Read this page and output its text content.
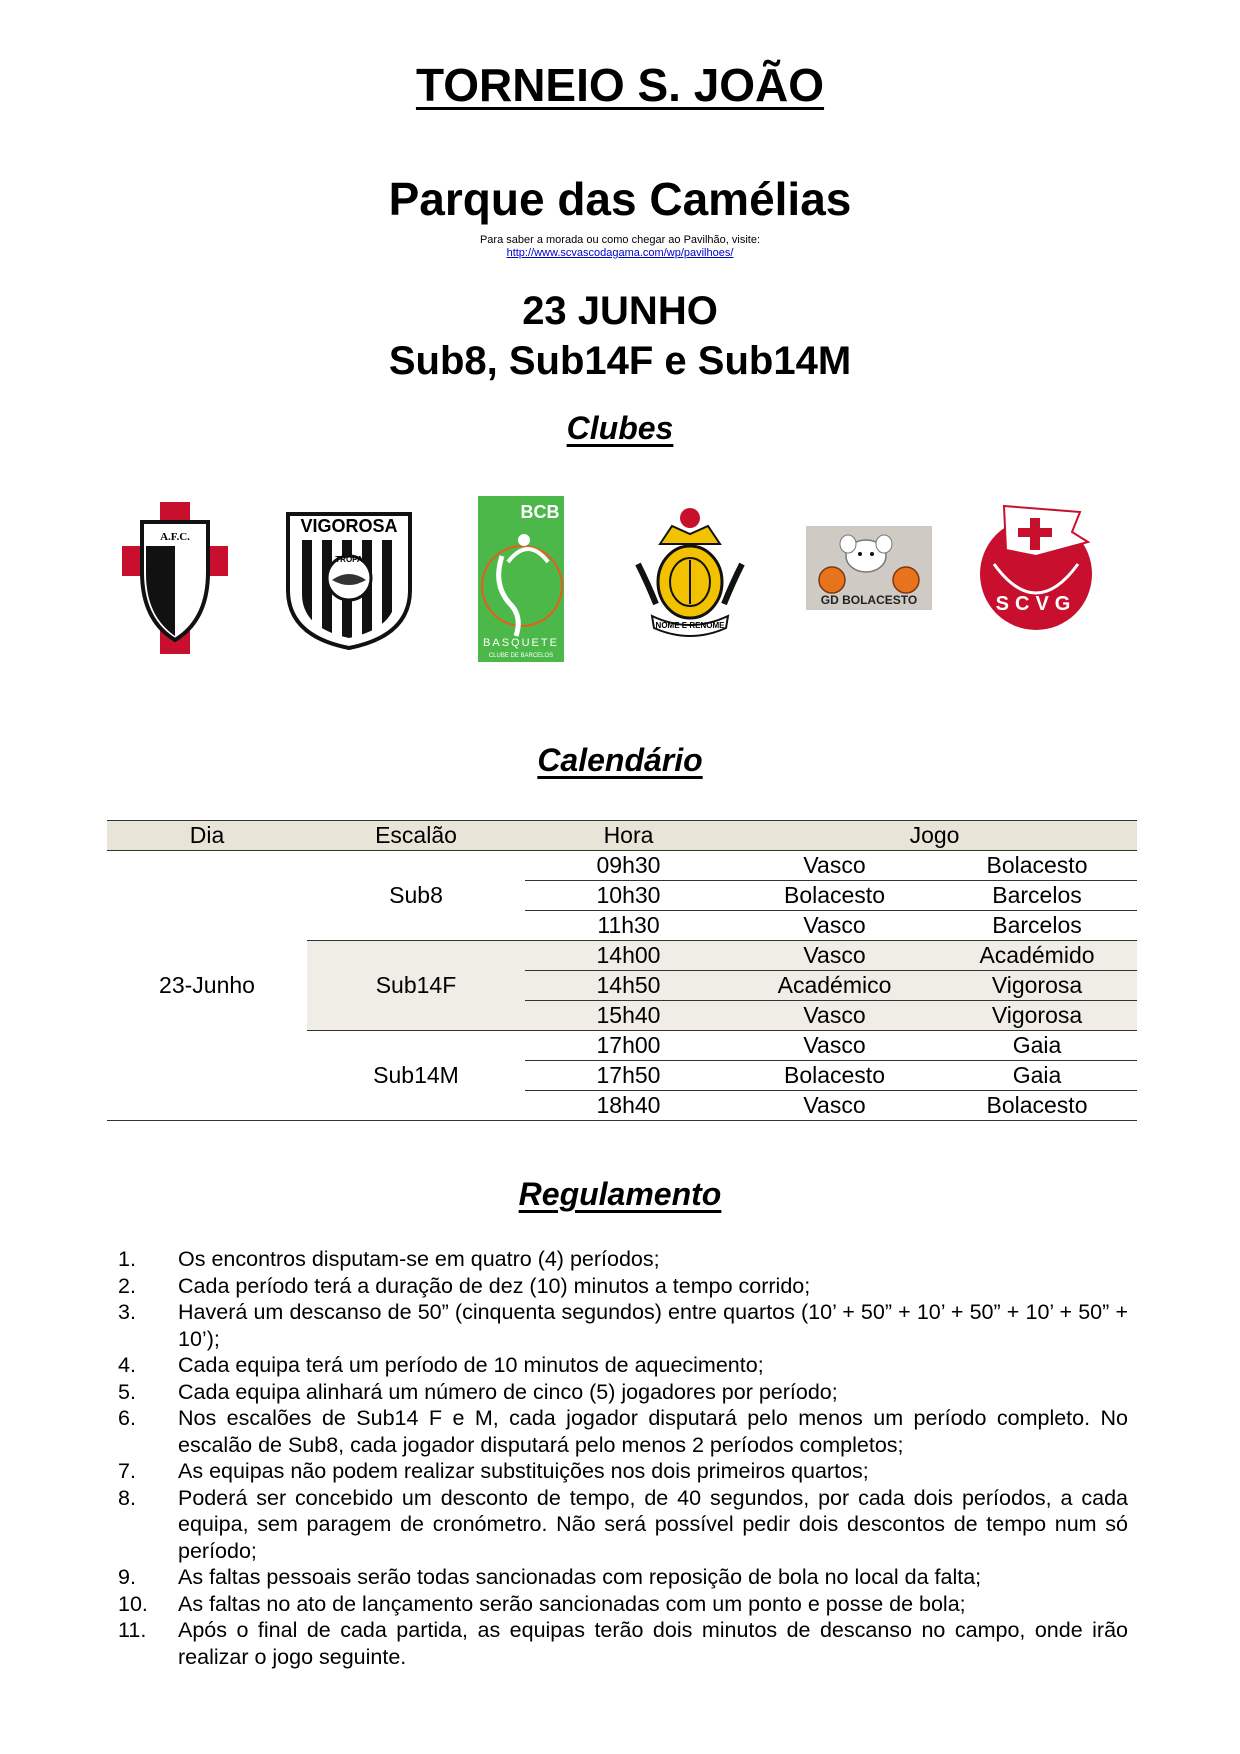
TORNEIO S. JOÃO
Parque das Camélias
Para saber a morada ou como chegar ao Pavilhão, visite:
http://www.scvascodagama.com/wp/pavilhoes/
23 JUNHO
Sub8, Sub14F e Sub14M
Clubes
A.F.C.
VIGOROSA
TROPA
BCB
BASQUETE
CLUBE DE BARCELOS
NOME E RENOME
GD BOLACESTO	SCVG
Calendário
Dia	Escalão	Hora	Jogo	
23-Junho	Sub8	09h30	Vasco	Bolacesto
		10h30	Bolacesto	Barcelos
		11h30	Vasco	Barcelos
	Sub14F	14h00	Vasco	Académido
		14h50	Académico	Vigorosa
		15h40	Vasco	Vigorosa
	Sub14M	17h00	Vasco	Gaia
		17h50	Bolacesto	Gaia
		18h40	Vasco	Bolacesto
Regulamento
1.	Os encontros disputam-se em quatro (4) períodos;
2.	Cada período terá a duração de dez (10) minutos a tempo corrido;
3.	Haverá um descanso de 50” (cinquenta segundos) entre quartos (10’ + 50” + 10’ + 50” + 10’ + 50” + 10’);
4.	Cada equipa terá um período de 10 minutos de aquecimento;
5.	Cada equipa alinhará um número de cinco (5) jogadores por período;
6.	Nos escalões de Sub14 F e M, cada jogador disputará pelo menos um período completo. No escalão de Sub8, cada jogador disputará pelo menos 2 períodos completos;
7.	As equipas não podem realizar substituições nos dois primeiros quartos;
8.	Poderá ser concebido um desconto de tempo, de 40 segundos, por cada dois períodos, a cada equipa, sem paragem de cronómetro. Não será possível pedir dois descontos de tempo num só período;
9.	As faltas pessoais serão todas sancionadas com reposição de bola no local da falta;
10.	As faltas no ato de lançamento serão sancionadas com um ponto e posse de bola;
11.	Após o final de cada partida, as equipas terão dois minutos de descanso no campo, onde irão realizar o jogo seguinte.
